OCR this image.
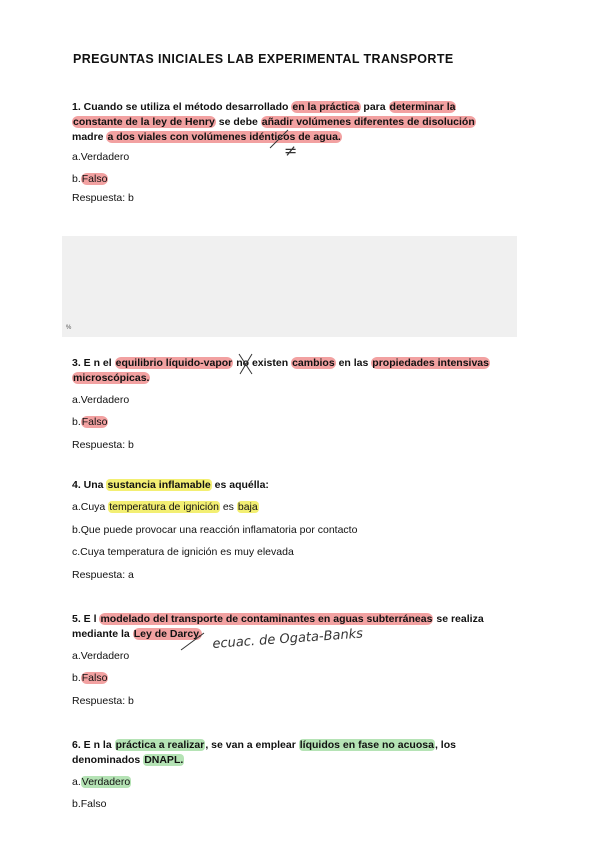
PREGUNTAS INICIALES LAB EXPERIMENTAL TRANSPORTE
1. Cuando se utiliza el método desarrollado en la práctica para determinar la
constante de la ley de Henry se debe añadir volúmenes diferentes de disolución
madre a dos viales con volúmenes idénticos de agua.
≠
a.Verdadero
b.Falso
Respuesta: b
%
3. E n el equilibrio líquido-vapor no existen cambios en las propiedades intensivas
microscópicas.
a.Verdadero
b.Falso
Respuesta: b
4. Una sustancia inflamable es aquélla:
a.Cuya temperatura de ignición es baja
b.Que puede provocar una reacción inflamatoria por contacto
c.Cuya temperatura de ignición es muy elevada
Respuesta: a
5. E l modelado del transporte de contaminantes en aguas subterráneas se realiza
mediante la Ley de Darcy. ecuac. de Ogata-Banks
a.Verdadero
b.Falso
Respuesta: b
6. E n la práctica a realizar, se van a emplear líquidos en fase no acuosa, los
denominados DNAPL.
a.Verdadero
b.Falso
